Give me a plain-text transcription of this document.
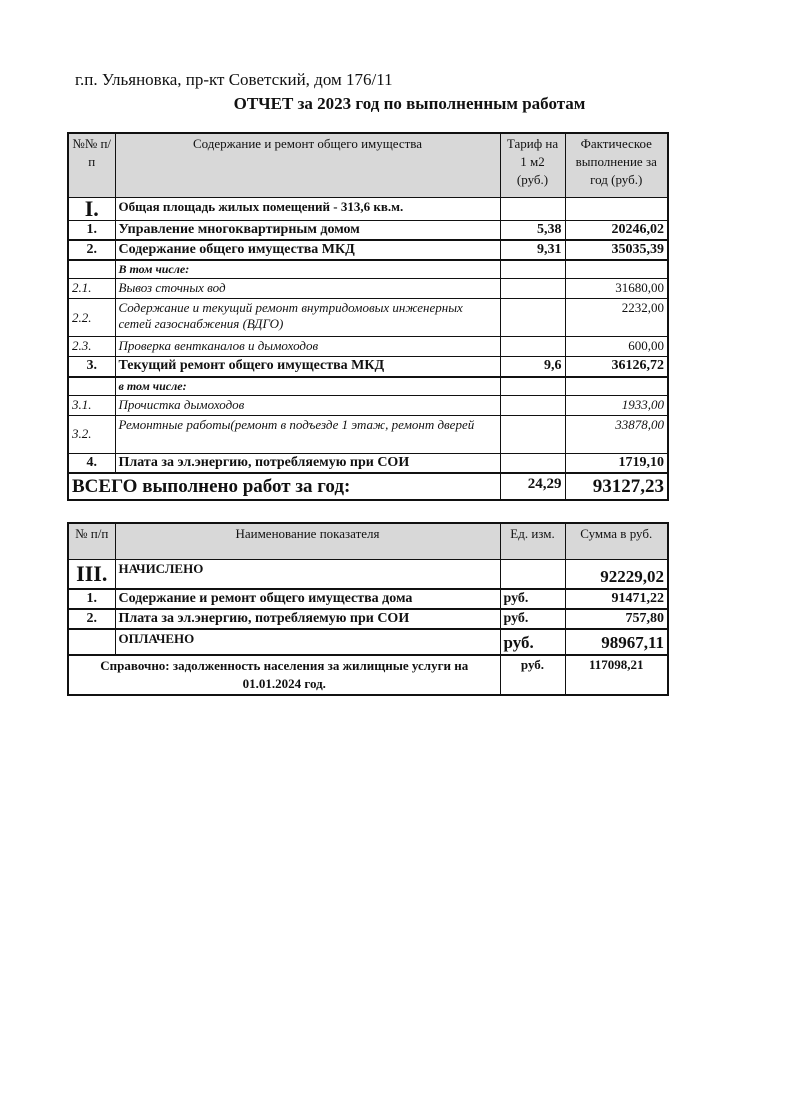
г.п. Ульяновка, пр-кт Советский, дом 176/11
ОТЧЕТ за 2023 год по выполненным работам
№№ п/п	Содержание и ремонт общего имущества	Тариф на 1 м2 (руб.)	Фактическое выполнение за год (руб.)
I.	Общая площадь жилых помещений - 313,6 кв.м.		
1.	Управление многоквартирным домом	5,38	20246,02
2.	Содержание общего имущества МКД	9,31	35035,39
	В том числе:		
2.1.	Вывоз сточных вод		31680,00
2.2.	Содержание и текущий ремонт внутридомовых инженерных сетей газоснабжения (ВДГО)		2232,00
2.3.	Проверка вентканалов и дымоходов		600,00
3.	Текущий ремонт общего имущества МКД	9,6	36126,72
	в том числе:		
3.1.	Прочистка дымоходов		1933,00
3.2.	Ремонтные работы(ремонт в подъезде 1 этаж, ремонт дверей		33878,00
4.	Плата за эл.энергию, потребляемую при СОИ		1719,10
ВСЕГО выполнено работ за год:		24,29	93127,23
№ п/п	Наименование показателя	Ед. изм.	Сумма в руб.
III.	НАЧИСЛЕНО		92229,02
1.	Содержание и ремонт общего имущества дома	руб.	91471,22
2.	Плата за эл.энергию, потребляемую при СОИ	руб.	757,80
	ОПЛАЧЕНО	руб.	98967,11
Справочно: задолженность населения за жилищные услуги на 01.01.2024 год.		руб.	117098,21
